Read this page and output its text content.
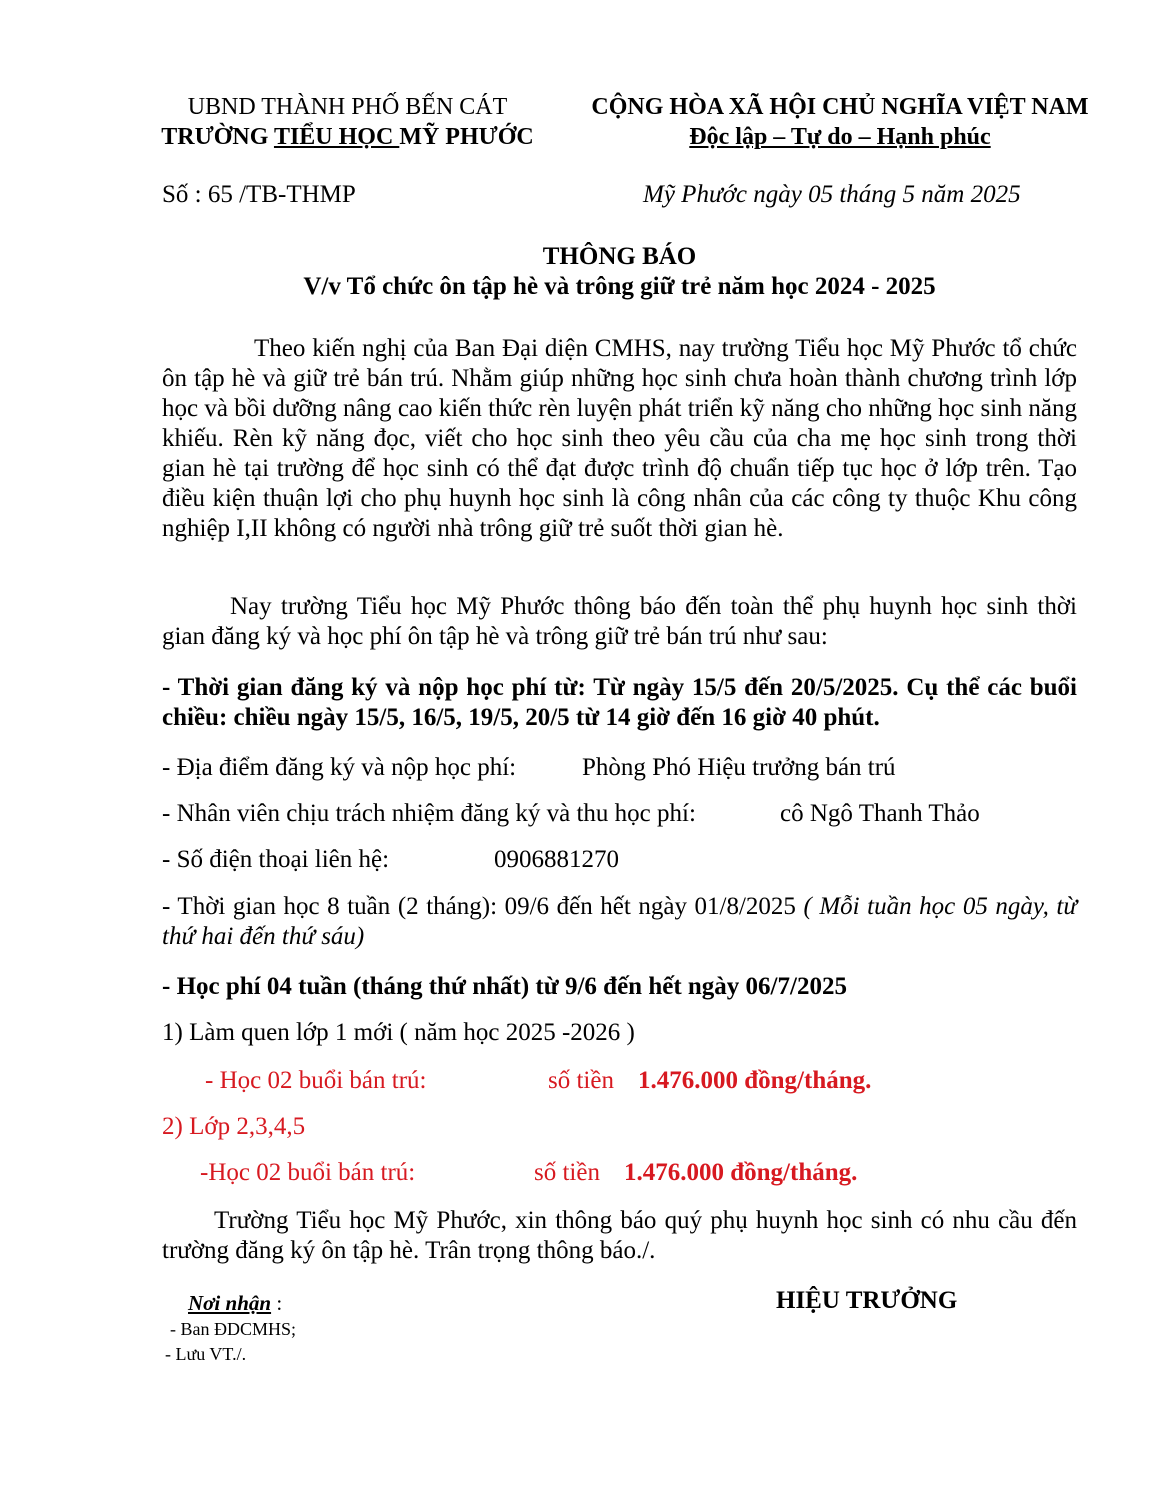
UBND THÀNH PHỐ BẾN CÁT
TRƯỜNG TIỂU HỌC MỸ PHƯỚC
CỘNG HÒA XÃ HỘI CHỦ NGHĨA VIỆT NAM
Độc lập – Tự do – Hạnh phúc
Số : 65 /TB-THMP	Mỹ Phước ngày 05 tháng 5 năm 2025
THÔNG BÁO
V/v Tổ chức ôn tập hè và trông giữ trẻ năm học 2024 - 2025
Theo kiến nghị của Ban Đại diện CMHS, nay trường Tiểu học Mỹ Phước tổ chức ôn tập hè và giữ trẻ bán trú. Nhằm giúp những học sinh chưa hoàn thành chương trình lớp học và bồi dưỡng nâng cao kiến thức rèn luyện phát triển kỹ năng cho những học sinh năng khiếu. Rèn kỹ năng đọc, viết cho học sinh theo yêu cầu của cha mẹ học sinh trong thời gian hè tại trường để học sinh có thể đạt được trình độ chuẩn tiếp tục học ở lớp trên. Tạo điều kiện thuận lợi cho phụ huynh học sinh là công nhân của các công ty thuộc Khu công nghiệp I,II không có người nhà trông giữ trẻ suốt thời gian hè.
Nay trường Tiểu học Mỹ Phước thông báo đến toàn thể phụ huynh học sinh thời gian đăng ký và học phí ôn tập hè và trông giữ trẻ bán trú như sau:
- Thời gian đăng ký và nộp học phí từ: Từ ngày 15/5 đến 20/5/2025. Cụ thể các buổi chiều: chiều ngày 15/5, 16/5, 19/5, 20/5 từ 14 giờ đến 16 giờ 40 phút.
- Địa điểm đăng ký và nộp học phí:	Phòng Phó Hiệu trưởng bán trú
- Nhân viên chịu trách nhiệm đăng ký và thu học phí:	cô Ngô Thanh Thảo
- Số điện thoại liên hệ:	0906881270
- Thời gian học 8 tuần (2 tháng): 09/6 đến hết ngày 01/8/2025 ( Mỗi tuần học 05 ngày, từ thứ hai đến thứ sáu)
- Học phí 04 tuần (tháng thứ nhất) từ 9/6 đến hết ngày 06/7/2025
1) Làm quen lớp 1 mới ( năm học 2025 -2026 )
- Học 02 buổi bán trú:	số tiền 1.476.000 đồng/tháng.
2) Lớp 2,3,4,5
-Học 02 buổi bán trú:	số tiền 1.476.000 đồng/tháng.
Trường Tiểu học Mỹ Phước, xin thông báo quý phụ huynh học sinh có nhu cầu đến trường đăng ký ôn tập hè. Trân trọng thông báo./.
Nơi nhận :
- Ban ĐDCMHS;
- Lưu VT./.
HIỆU TRƯỞNG
